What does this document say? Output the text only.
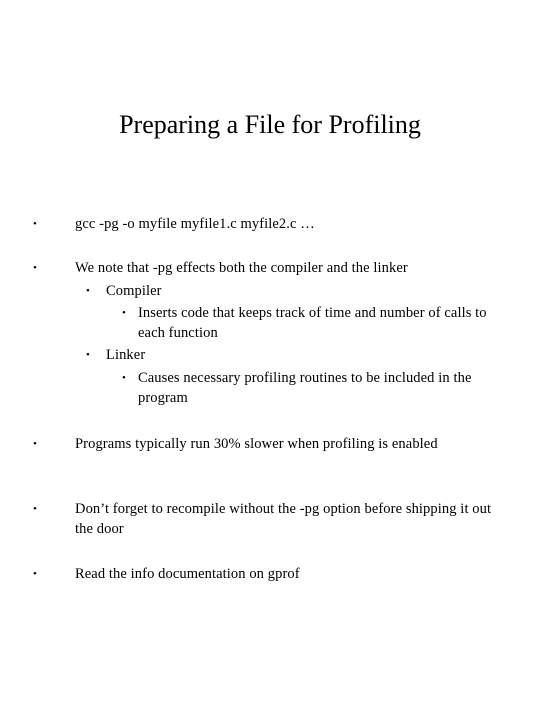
Preparing a File for Profiling
•	gcc -pg -o myfile myfile1.c myfile2.c …
•	We note that -pg effects both the compiler and the linker
• Compiler
• Inserts code that keeps track of time and number of calls to each function
• Linker
• Causes necessary profiling routines to be included in the program
•	Programs typically run 30% slower when profiling is enabled
•	Don’t forget to recompile without the -pg option before shipping it out the door
•	Read the info documentation on gprof
